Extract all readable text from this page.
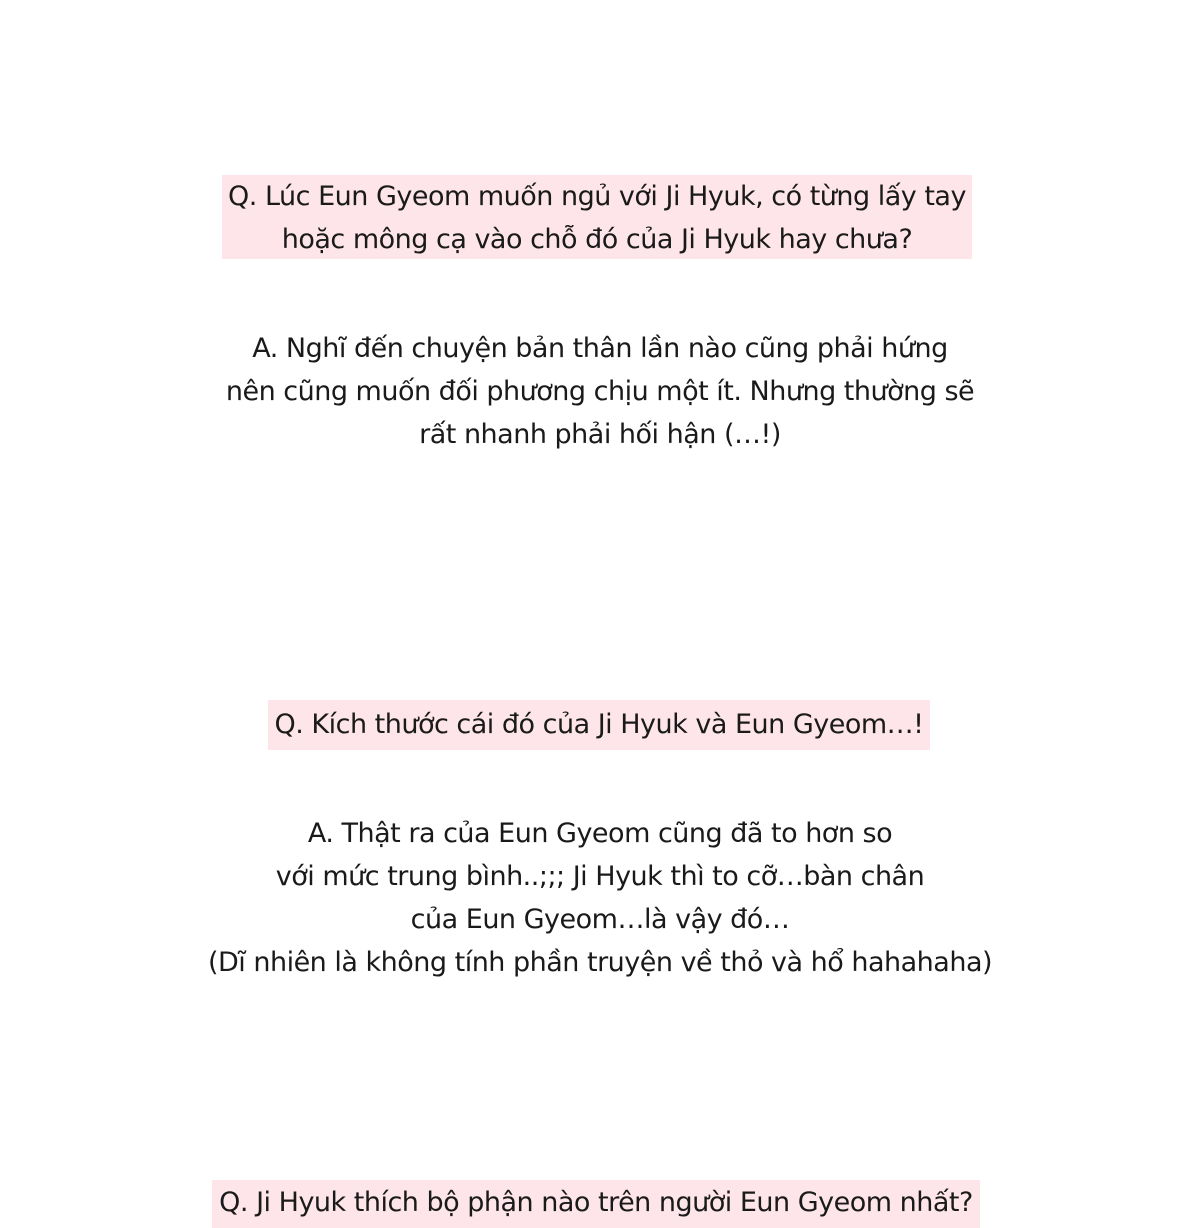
Q. Lúc Eun Gyeom muốn ngủ với Ji Hyuk, có từng lấy tay
hoặc mông cạ vào chỗ đó của Ji Hyuk hay chưa?
A. Nghĩ đến chuyện bản thân lần nào cũng phải hứng
nên cũng muốn đối phương chịu một ít. Nhưng thường sẽ
rất nhanh phải hối hận (…!)
Q. Kích thước cái đó của Ji Hyuk và Eun Gyeom…!
A. Thật ra của Eun Gyeom cũng đã to hơn so
với mức trung bình..;;; Ji Hyuk thì to cỡ…bàn chân
của Eun Gyeom…là vậy đó…
(Dĩ nhiên là không tính phần truyện về thỏ và hổ hahahaha)
Q. Ji Hyuk thích bộ phận nào trên người Eun Gyeom nhất?
